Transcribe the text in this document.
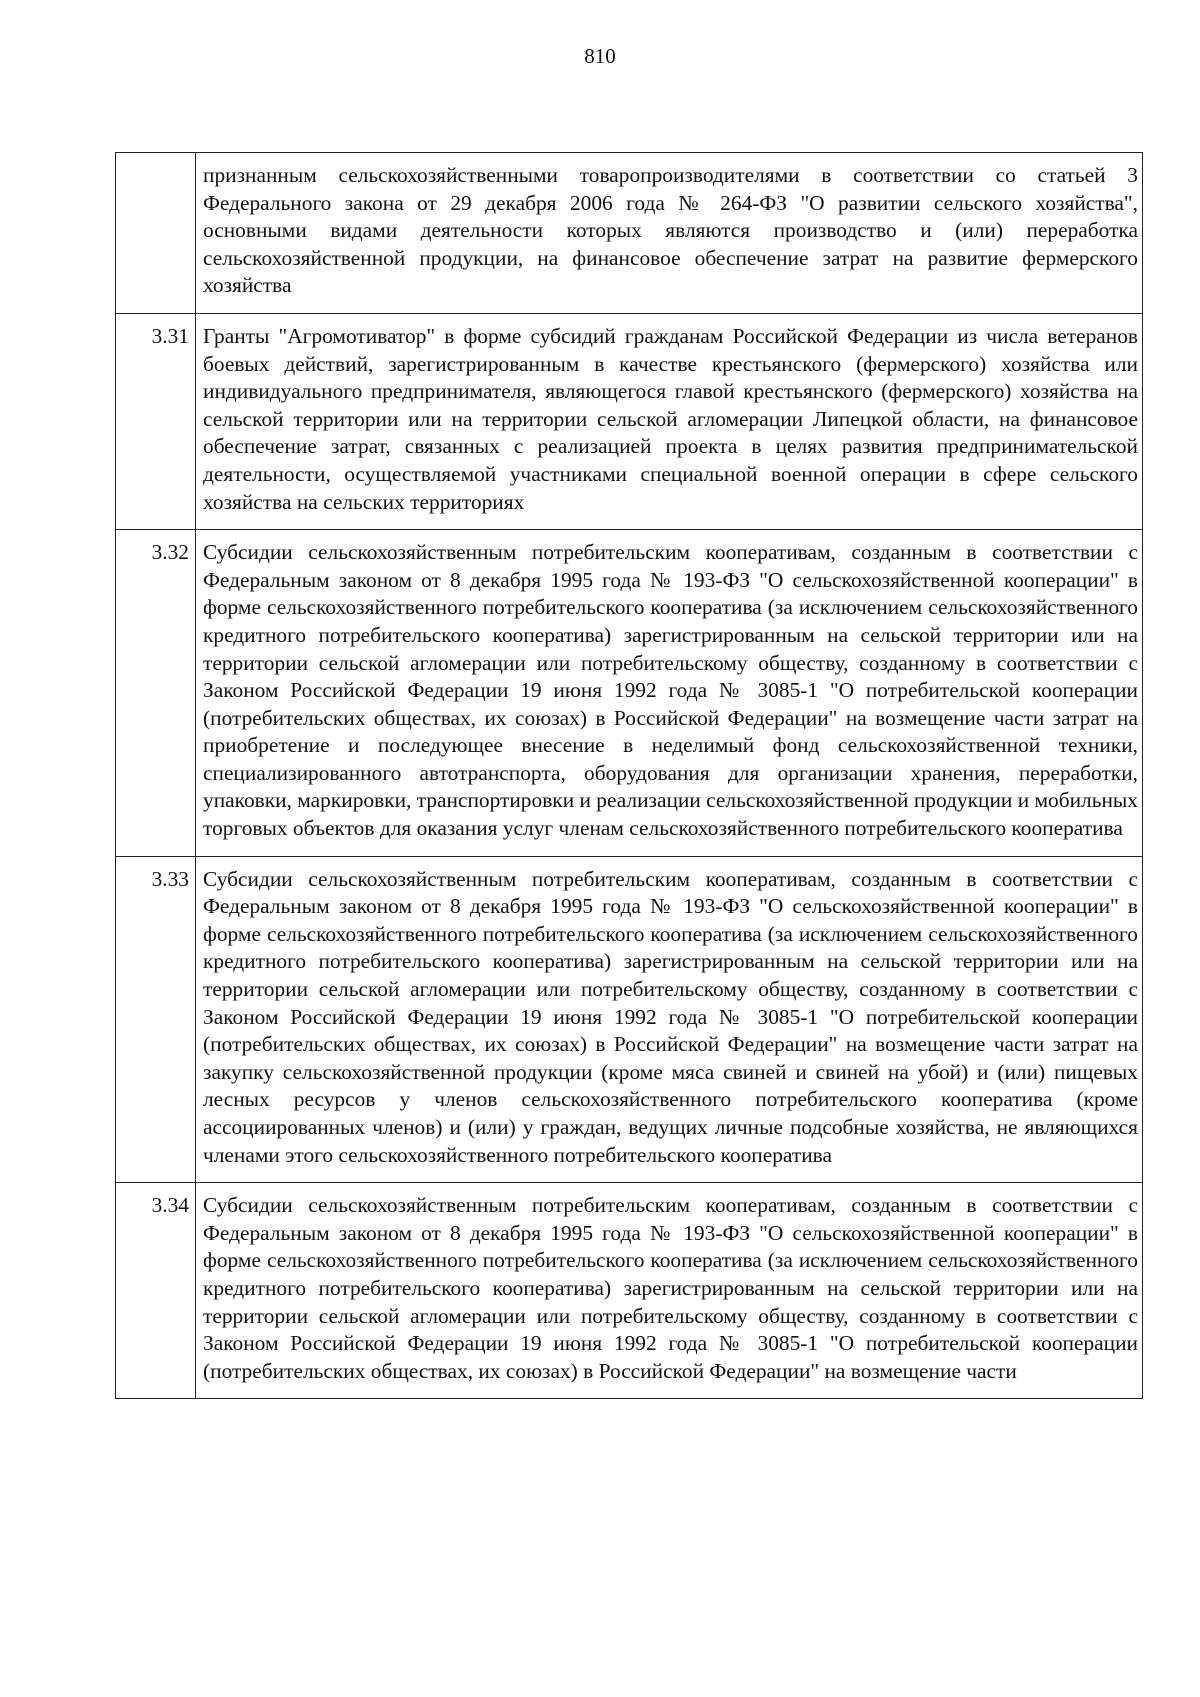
810
	признанным сельскохозяйственными товаропроизводителями в соответствии со статьей 3 Федерального закона от 29 декабря 2006 года № 264-ФЗ "О развитии сельского хозяйства", основными видами деятельности которых являются производство и (или) переработка сельскохозяйственной продукции, на финансовое обеспечение затрат на развитие фермерского хозяйства
3.31	Гранты "Агромотиватор" в форме субсидий гражданам Российской Федерации из числа ветеранов боевых действий, зарегистрированным в качестве крестьянского (фермерского) хозяйства или индивидуального предпринимателя, являющегося главой крестьянского (фермерского) хозяйства на сельской территории или на территории сельской агломерации Липецкой области, на финансовое обеспечение затрат, связанных с реализацией проекта в целях развития предпринимательской деятельности, осуществляемой участниками специальной военной операции в сфере сельского хозяйства на сельских территориях
3.32	Субсидии сельскохозяйственным потребительским кооперативам, созданным в соответствии с Федеральным законом от 8 декабря 1995 года № 193-ФЗ "О сельскохозяйственной кооперации" в форме сельскохозяйственного потребительского кооператива (за исключением сельскохозяйственного кредитного потребительского кооператива) зарегистрированным на сельской территории или на территории сельской агломерации или потребительскому обществу, созданному в соответствии с Законом Российской Федерации 19 июня 1992 года № 3085-1 "О потребительской кооперации (потребительских обществах, их союзах) в Российской Федерации" на возмещение части затрат на приобретение и последующее внесение в неделимый фонд сельскохозяйственной техники, специализированного автотранспорта, оборудования для организации хранения, переработки, упаковки, маркировки, транспортировки и реализации сельскохозяйственной продукции и мобильных торговых объектов для оказания услуг членам сельскохозяйственного потребительского кооператива
3.33	Субсидии сельскохозяйственным потребительским кооперативам, созданным в соответствии с Федеральным законом от 8 декабря 1995 года № 193-ФЗ "О сельскохозяйственной кооперации" в форме сельскохозяйственного потребительского кооператива (за исключением сельскохозяйственного кредитного потребительского кооператива) зарегистрированным на сельской территории или на территории сельской агломерации или потребительскому обществу, созданному в соответствии с Законом Российской Федерации 19 июня 1992 года № 3085-1 "О потребительской кооперации (потребительских обществах, их союзах) в Российской Федерации" на возмещение части затрат на закупку сельскохозяйственной продукции (кроме мяса свиней и свиней на убой) и (или) пищевых лесных ресурсов у членов сельскохозяйственного потребительского кооператива (кроме ассоциированных членов) и (или) у граждан, ведущих личные подсобные хозяйства, не являющихся членами этого сельскохозяйственного потребительского кооператива
3.34	Субсидии сельскохозяйственным потребительским кооперативам, созданным в соответствии с Федеральным законом от 8 декабря 1995 года № 193-ФЗ "О сельскохозяйственной кооперации" в форме сельскохозяйственного потребительского кооператива (за исключением сельскохозяйственного кредитного потребительского кооператива) зарегистрированным на сельской территории или на территории сельской агломерации или потребительскому обществу, созданному в соответствии с Законом Российской Федерации 19 июня 1992 года № 3085-1 "О потребительской кооперации (потребительских обществах, их союзах) в Российской Федерации" на возмещение части
